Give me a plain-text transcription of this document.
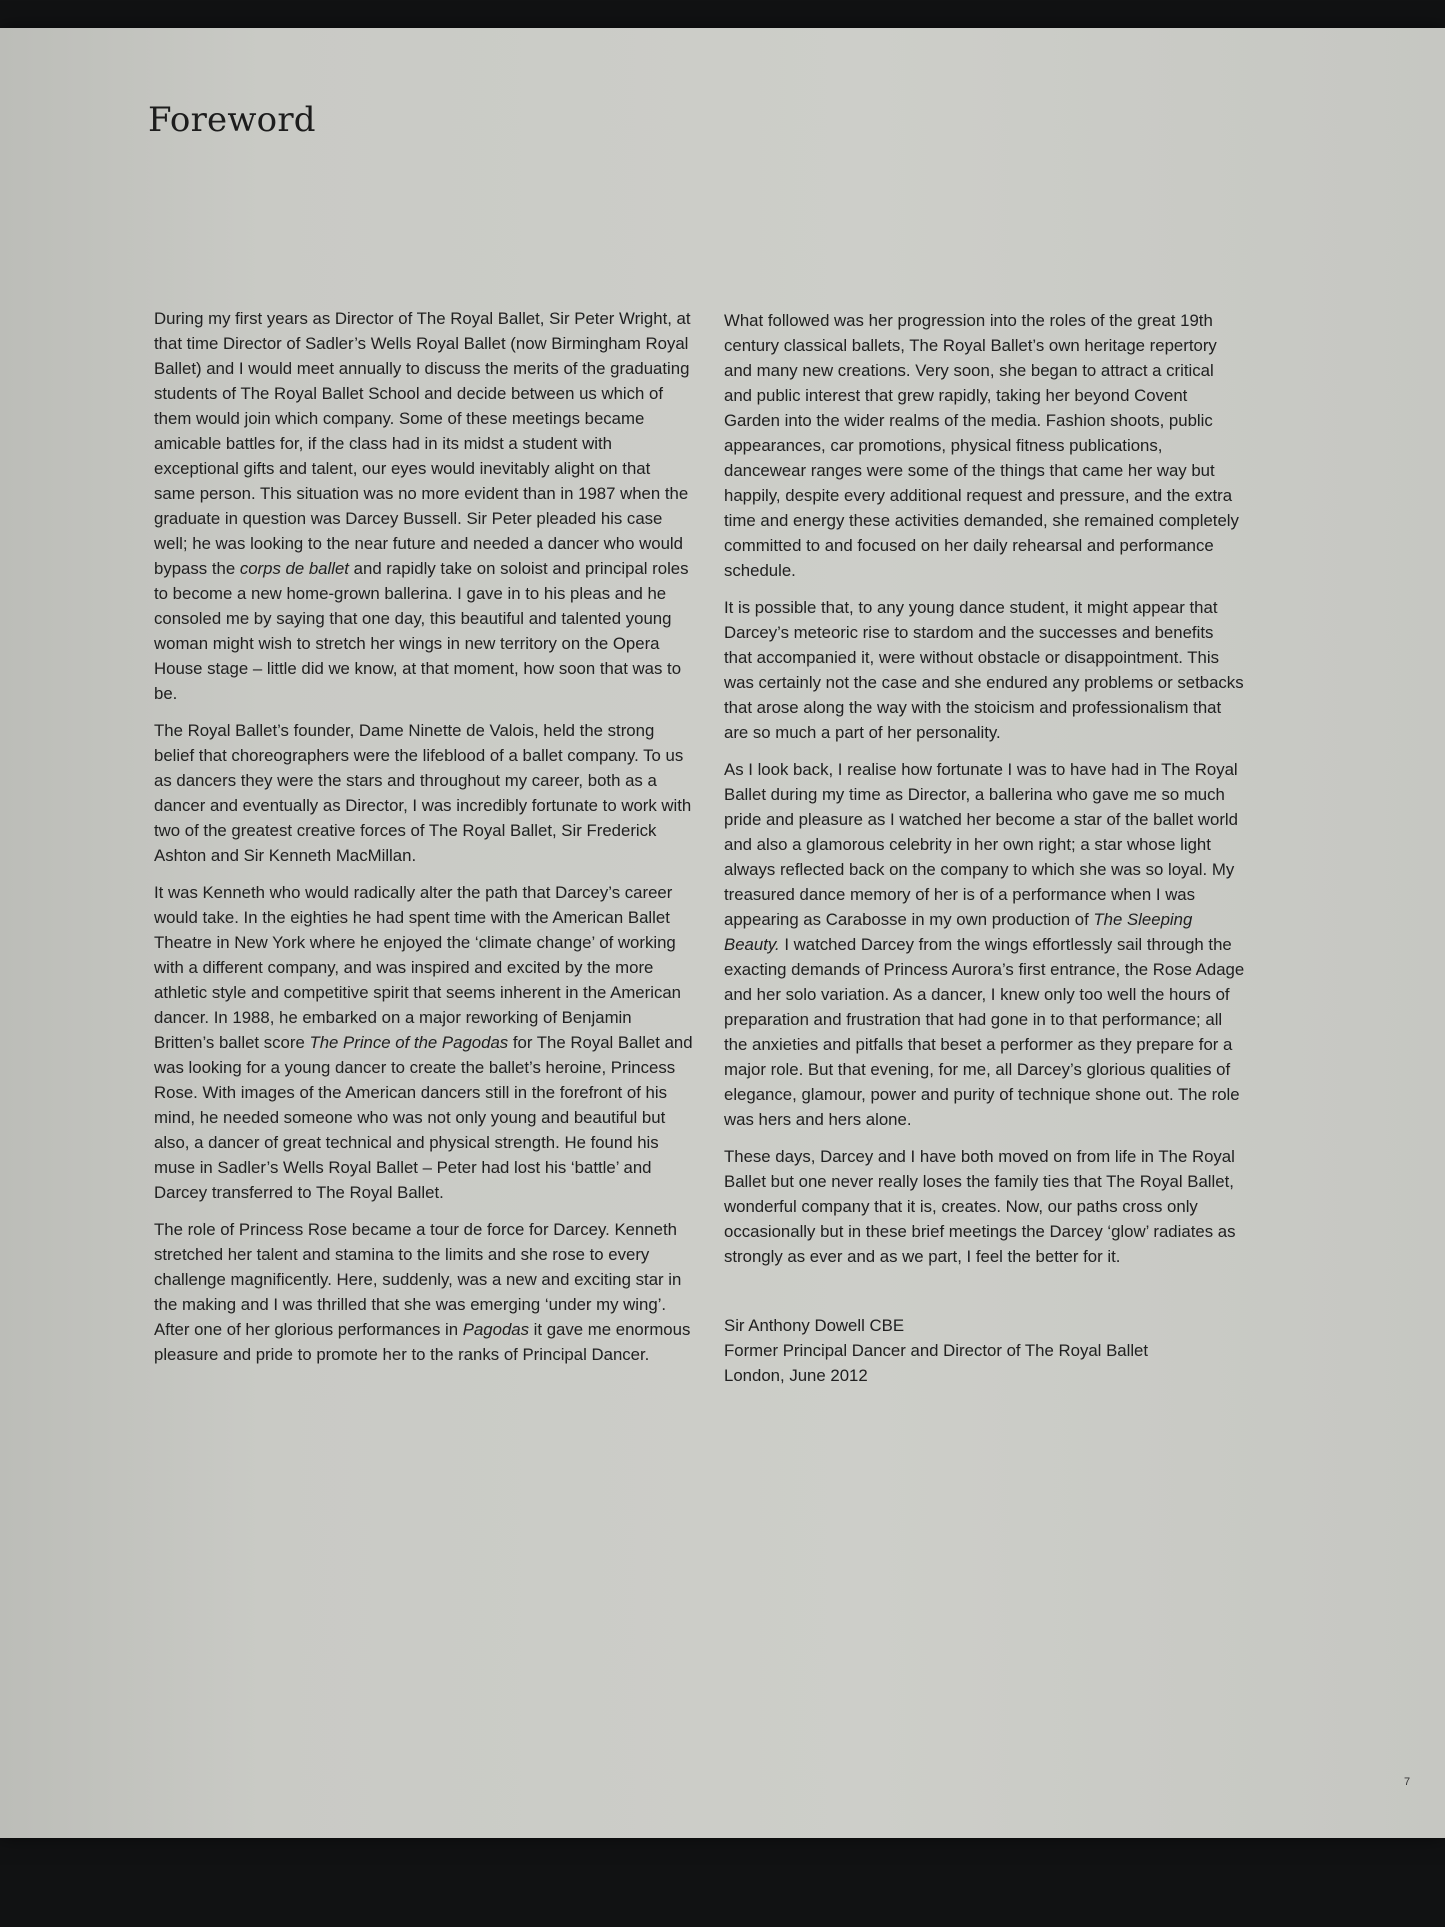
Foreword

During my first years as Director of The Royal Ballet, Sir Peter Wright, at that time Director of Sadler’s Wells Royal Ballet (now Birmingham Royal Ballet) and I would meet annually to discuss the merits of the graduating students of The Royal Ballet School and decide between us which of them would join which company. Some of these meetings became amicable battles for, if the class had in its midst a student with exceptional gifts and talent, our eyes would inevitably alight on that same person. This situation was no more evident than in 1987 when the graduate in question was Darcey Bussell. Sir Peter pleaded his case well; he was looking to the near future and needed a dancer who would bypass the corps de ballet and rapidly take on soloist and principal roles to become a new home-grown ballerina. I gave in to his pleas and he consoled me by saying that one day, this beautiful and talented young woman might wish to stretch her wings in new territory on the Opera House stage – little did we know, at that moment, how soon that was to be.

The Royal Ballet’s founder, Dame Ninette de Valois, held the strong belief that choreographers were the lifeblood of a ballet company. To us as dancers they were the stars and throughout my career, both as a dancer and eventually as Director, I was incredibly fortunate to work with two of the greatest creative forces of The Royal Ballet, Sir Frederick Ashton and Sir Kenneth MacMillan.

It was Kenneth who would radically alter the path that Darcey’s career would take. In the eighties he had spent time with the American Ballet Theatre in New York where he enjoyed the ‘climate change’ of working with a different company, and was inspired and excited by the more athletic style and competitive spirit that seems inherent in the American dancer. In 1988, he embarked on a major reworking of Benjamin Britten’s ballet score The Prince of the Pagodas for The Royal Ballet and was looking for a young dancer to create the ballet’s heroine, Princess Rose. With images of the American dancers still in the forefront of his mind, he needed someone who was not only young and beautiful but also, a dancer of great technical and physical strength. He found his muse in Sadler’s Wells Royal Ballet – Peter had lost his ‘battle’ and Darcey transferred to The Royal Ballet.

The role of Princess Rose became a tour de force for Darcey. Kenneth stretched her talent and stamina to the limits and she rose to every challenge magnificently. Here, suddenly, was a new and exciting star in the making and I was thrilled that she was emerging ‘under my wing’. After one of her glorious performances in Pagodas it gave me enormous pleasure and pride to promote her to the ranks of Principal Dancer.

What followed was her progression into the roles of the great 19th century classical ballets, The Royal Ballet’s own heritage repertory and many new creations. Very soon, she began to attract a critical and public interest that grew rapidly, taking her beyond Covent Garden into the wider realms of the media. Fashion shoots, public appearances, car promotions, physical fitness publications, dancewear ranges were some of the things that came her way but happily, despite every additional request and pressure, and the extra time and energy these activities demanded, she remained completely committed to and focused on her daily rehearsal and performance schedule.

It is possible that, to any young dance student, it might appear that Darcey’s meteoric rise to stardom and the successes and benefits that accompanied it, were without obstacle or disappointment. This was certainly not the case and she endured any problems or setbacks that arose along the way with the stoicism and professionalism that are so much a part of her personality.

As I look back, I realise how fortunate I was to have had in The Royal Ballet during my time as Director, a ballerina who gave me so much pride and pleasure as I watched her become a star of the ballet world and also a glamorous celebrity in her own right; a star whose light always reflected back on the company to which she was so loyal. My treasured dance memory of her is of a performance when I was appearing as Carabosse in my own production of The Sleeping Beauty. I watched Darcey from the wings effortlessly sail through the exacting demands of Princess Aurora’s first entrance, the Rose Adage and her solo variation. As a dancer, I knew only too well the hours of preparation and frustration that had gone in to that performance; all the anxieties and pitfalls that beset a performer as they prepare for a major role. But that evening, for me, all Darcey’s glorious qualities of elegance, glamour, power and purity of technique shone out. The role was hers and hers alone.

These days, Darcey and I have both moved on from life in The Royal Ballet but one never really loses the family ties that The Royal Ballet, wonderful company that it is, creates. Now, our paths cross only occasionally but in these brief meetings the Darcey ‘glow’ radiates as strongly as ever and as we part, I feel the better for it.

Sir Anthony Dowell CBE
Former Principal Dancer and Director of The Royal Ballet
London, June 2012
7
